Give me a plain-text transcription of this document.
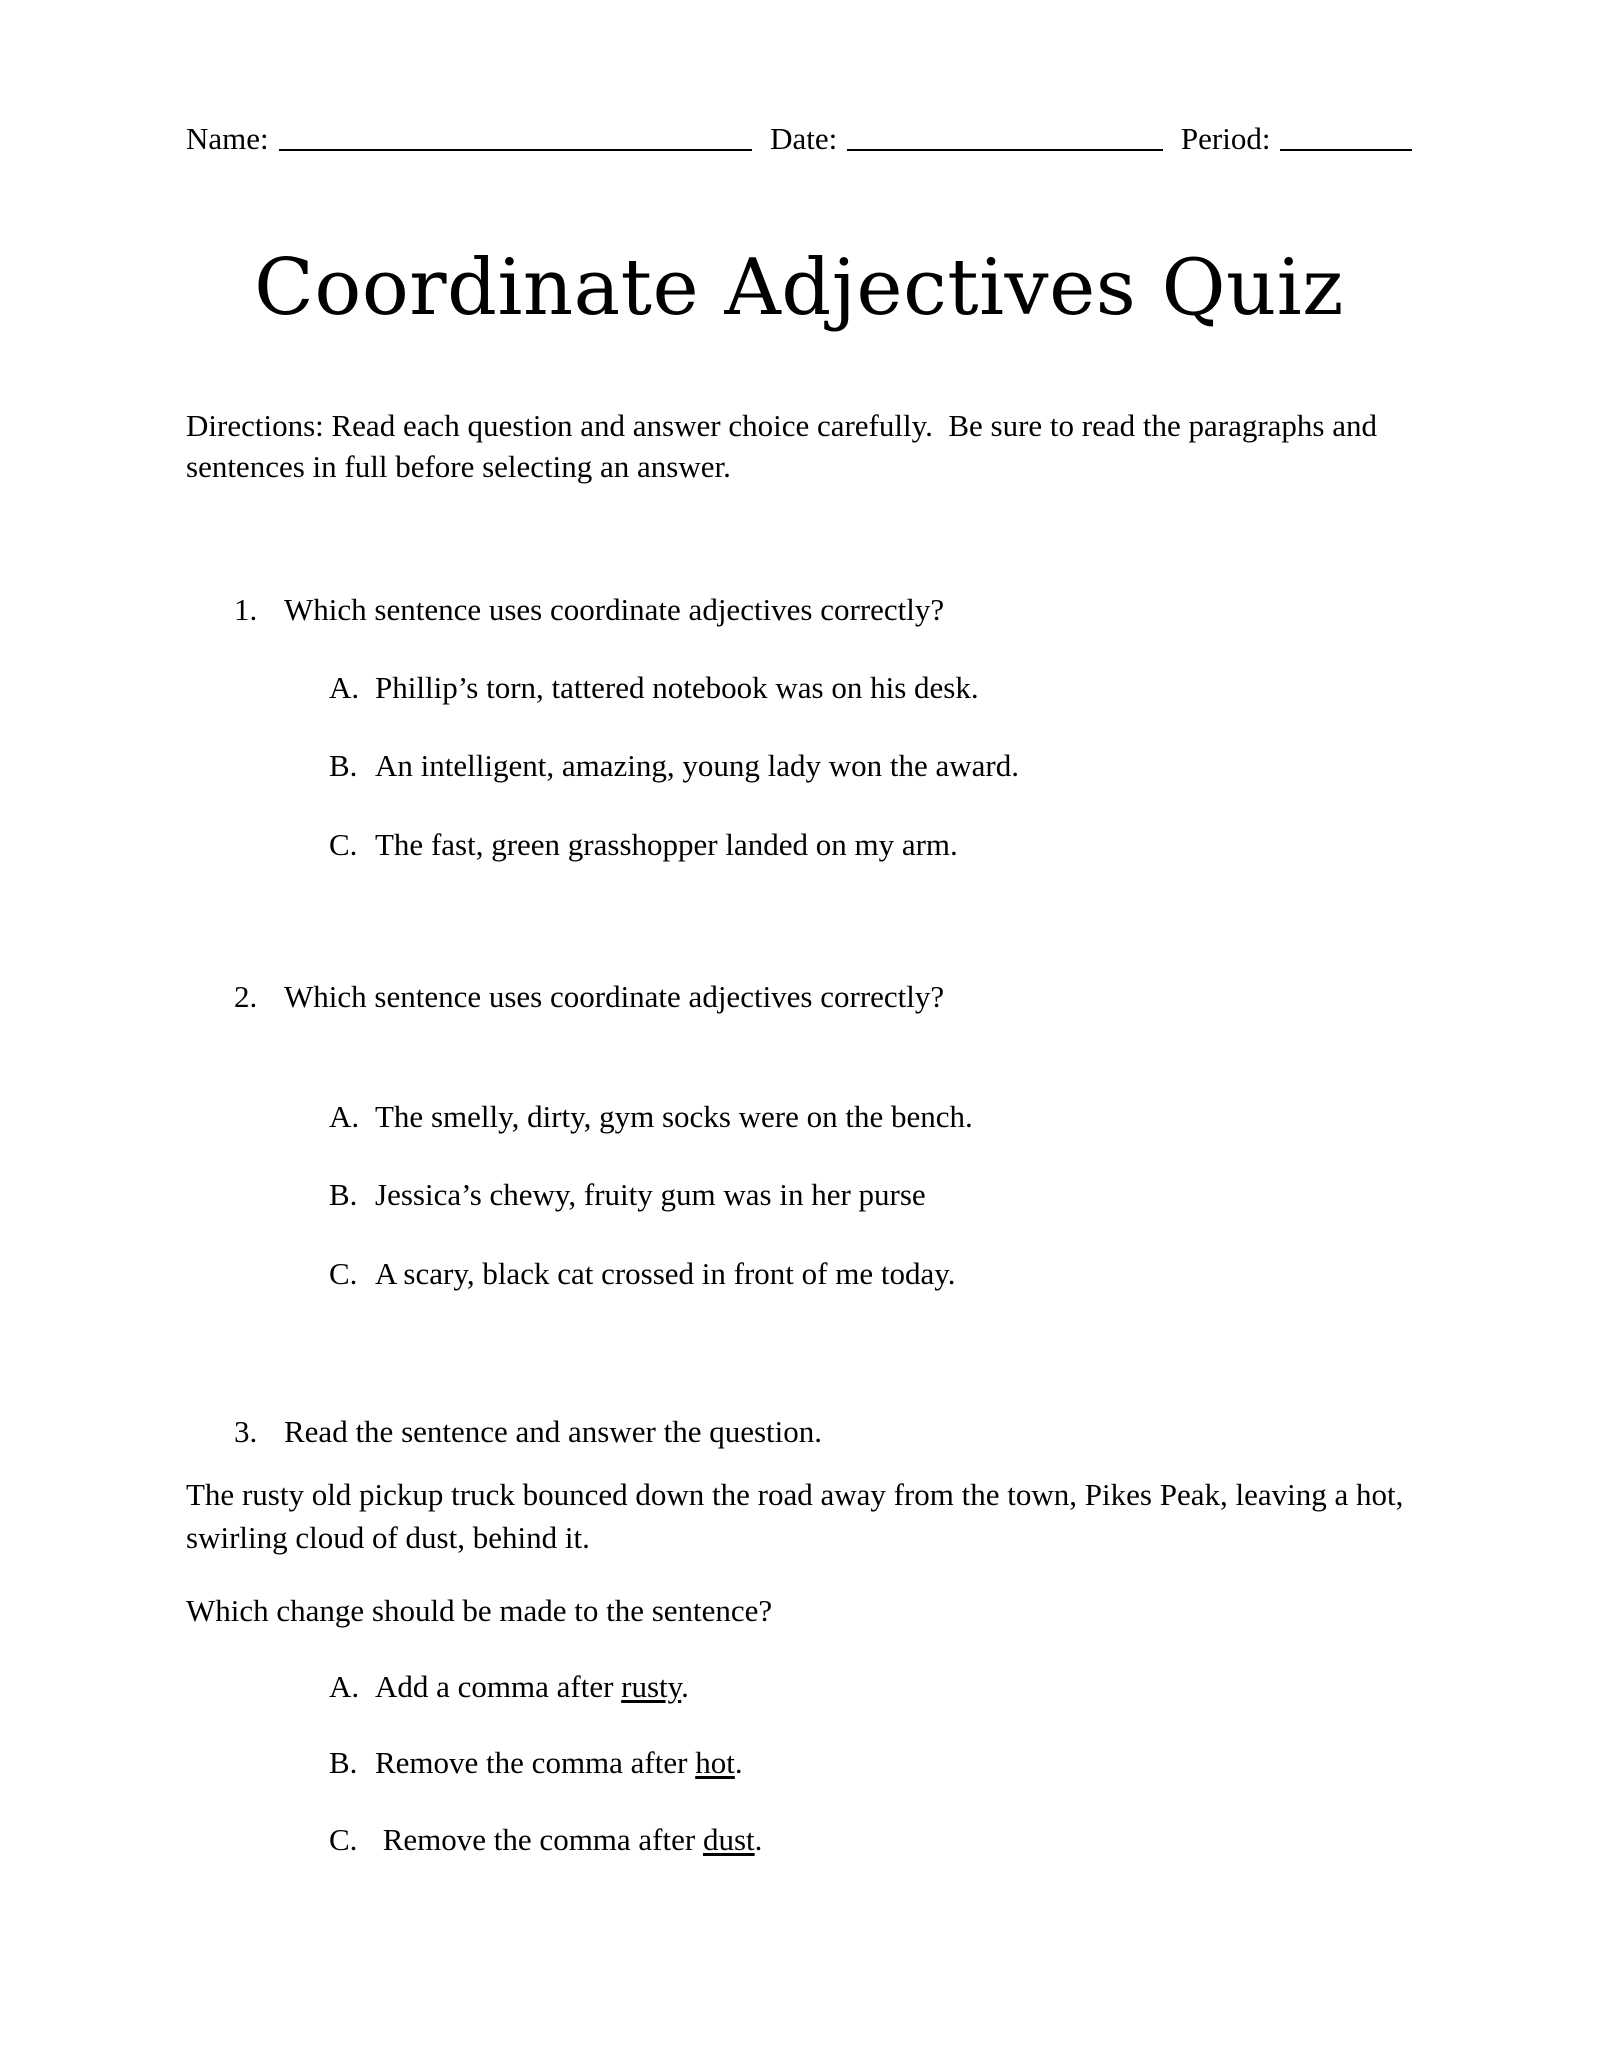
Name:	Date:	Period:
Coordinate Adjectives Quiz

Directions: Read each question and answer choice carefully.  Be sure to read the paragraphs and sentences in full before selecting an answer.

1. Which sentence uses coordinate adjectives correctly?
A. Phillip’s torn, tattered notebook was on his desk.
B. An intelligent, amazing, young lady won the award.
C. The fast, green grasshopper landed on my arm.
2. Which sentence uses coordinate adjectives correctly?
A. The smelly, dirty, gym socks were on the bench.
B. Jessica’s chewy, fruity gum was in her purse
C. A scary, black cat crossed in front of me today.
3. Read the sentence and answer the question.

The rusty old pickup truck bounced down the road away from the town, Pikes Peak, leaving a hot, swirling cloud of dust, behind it.

Which change should be made to the sentence?

A. Add a comma after rusty.
B. Remove the comma after hot.
C. Remove the comma after dust.
